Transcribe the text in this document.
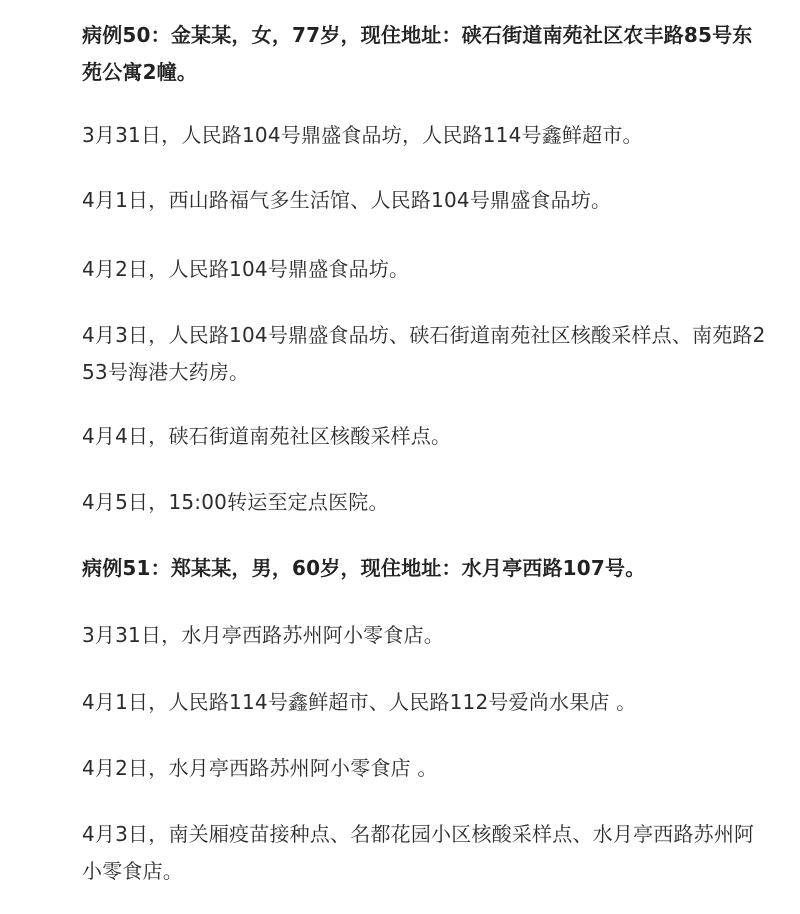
病例50：金某某，女，77岁，现住地址：硖石街道南苑社区农丰路85号东苑公寓2幢。
3月31日，人民路104号鼎盛食品坊，人民路114号鑫鲜超市。
4月1日，西山路福气多生活馆、人民路104号鼎盛食品坊。
4月2日，人民路104号鼎盛食品坊。
4月3日，人民路104号鼎盛食品坊、硖石街道南苑社区核酸采样点、南苑路253号海港大药房。
4月4日，硖石街道南苑社区核酸采样点。
4月5日，15:00转运至定点医院。
病例51：郑某某，男，60岁，现住地址：水月亭西路107号。
3月31日，水月亭西路苏州阿小零食店。
4月1日，人民路114号鑫鲜超市、人民路112号爱尚水果店 。
4月2日，水月亭西路苏州阿小零食店 。
4月3日，南关厢疫苗接种点、名都花园小区核酸采样点、水月亭西路苏州阿小零食店。
